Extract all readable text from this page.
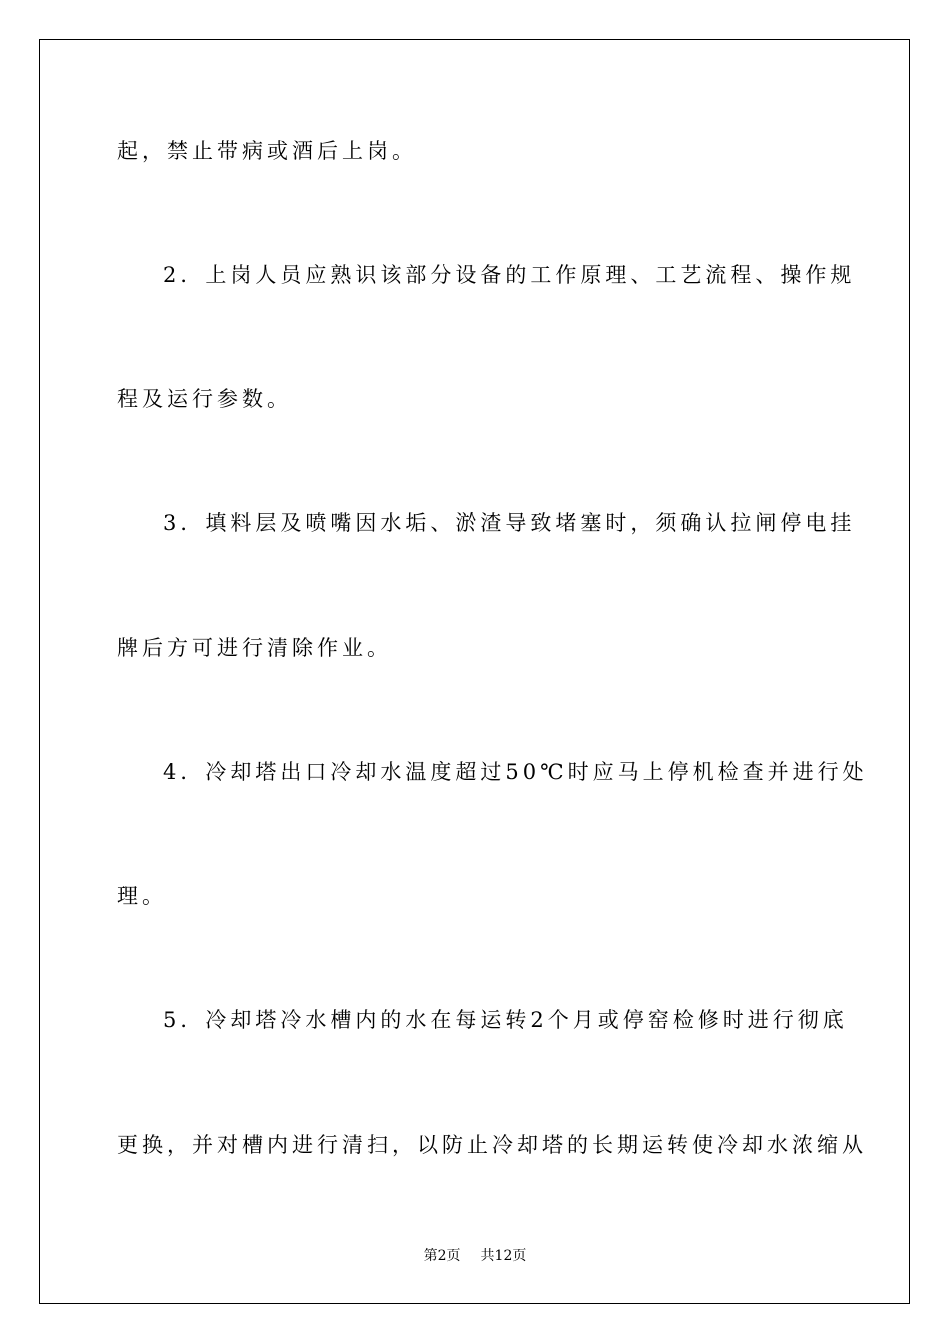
起，禁止带病或酒后上岗。
2．上岗人员应熟识该部分设备的工作原理、工艺流程、操作规
程及运行参数。
3．填料层及喷嘴因水垢、淤渣导致堵塞时，须确认拉闸停电挂
牌后方可进行清除作业。
4．冷却塔出口冷却水温度超过50℃时应马上停机检查并进行处
理。
5．冷却塔冷水槽内的水在每运转2个月或停窑检修时进行彻底
更换，并对槽内进行清扫，以防止冷却塔的长期运转使冷却水浓缩从
第2页 共12页
